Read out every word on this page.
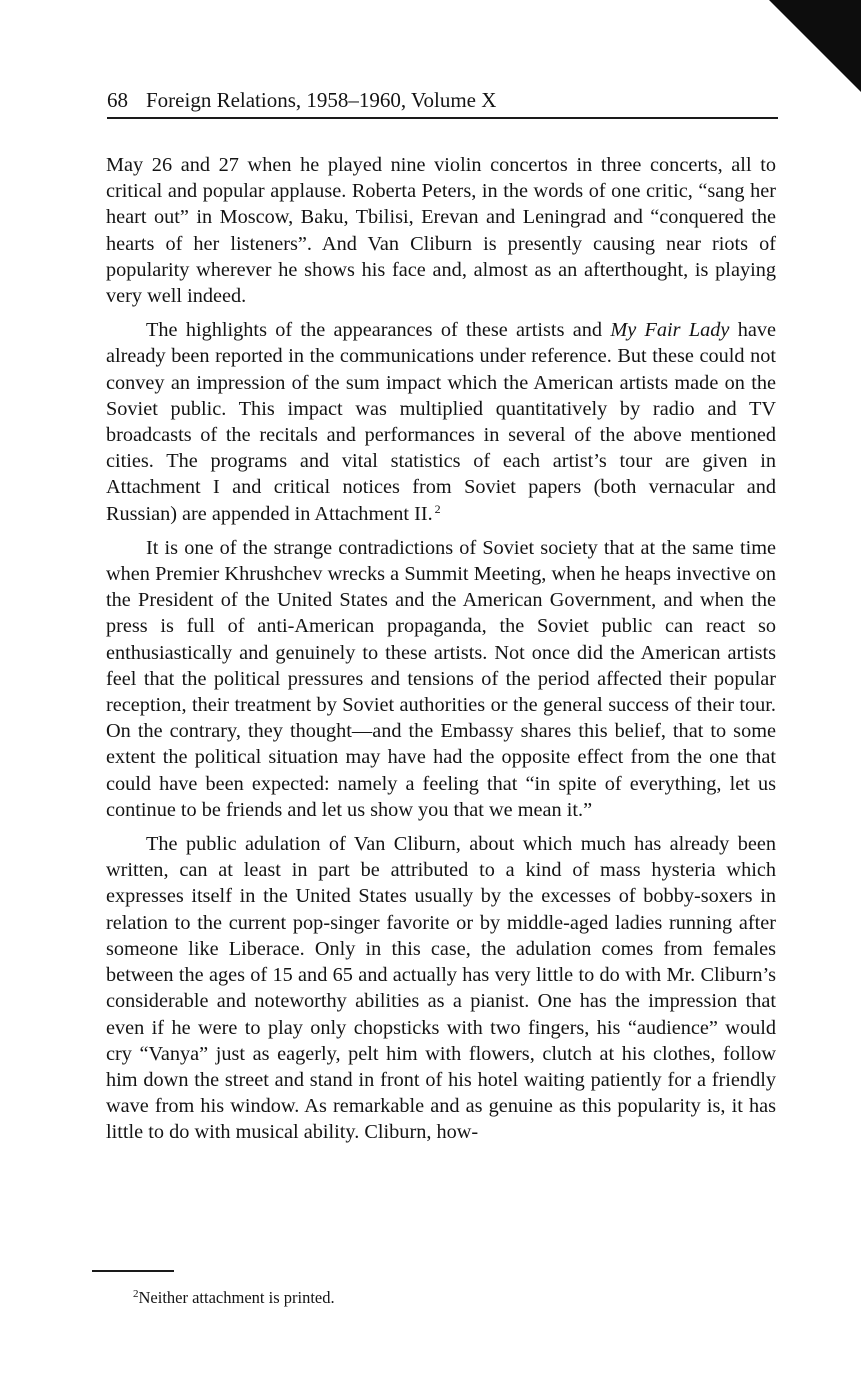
68 Foreign Relations, 1958–1960, Volume X

May 26 and 27 when he played nine violin concertos in three concerts, all to critical and popular applause. Roberta Peters, in the words of one critic, “sang her heart out” in Moscow, Baku, Tbilisi, Erevan and Leningrad and “conquered the hearts of her listeners”. And Van Cliburn is presently causing near riots of popularity wherever he shows his face and, almost as an afterthought, is playing very well indeed.

The highlights of the appearances of these artists and My Fair Lady have already been reported in the communications under reference. But these could not convey an impression of the sum impact which the American artists made on the Soviet public. This impact was multiplied quantitatively by radio and TV broadcasts of the recitals and performances in several of the above mentioned cities. The programs and vital statistics of each artist’s tour are given in Attachment I and critical notices from Soviet papers (both vernacular and Russian) are appended in Attachment II. $^2$

It is one of the strange contradictions of Soviet society that at the same time when Premier Khrushchev wrecks a Summit Meeting, when he heaps invective on the President of the United States and the American Government, and when the press is full of anti-American propaganda, the Soviet public can react so enthusiastically and genuinely to these artists. Not once did the American artists feel that the political pressures and tensions of the period affected their popular reception, their treatment by Soviet authorities or the general success of their tour. On the contrary, they thought—and the Embassy shares this belief, that to some extent the political situation may have had the opposite effect from the one that could have been expected: namely a feeling that “in spite of everything, let us continue to be friends and let us show you that we mean it.”

The public adulation of Van Cliburn, about which much has already been written, can at least in part be attributed to a kind of mass hysteria which expresses itself in the United States usually by the excesses of bobby-soxers in relation to the current pop-singer favorite or by middle-aged ladies running after someone like Liberace. Only in this case, the adulation comes from females between the ages of 15 and 65 and actually has very little to do with Mr. Cliburn’s considerable and noteworthy abilities as a pianist. One has the impression that even if he were to play only chopsticks with two fingers, his “audience” would cry “Vanya” just as eagerly, pelt him with flowers, clutch at his clothes, follow him down the street and stand in front of his hotel waiting patiently for a friendly wave from his window. As remarkable and as genuine as this popularity is, it has little to do with musical ability. Cliburn, how-

$^2$Neither attachment is printed.
